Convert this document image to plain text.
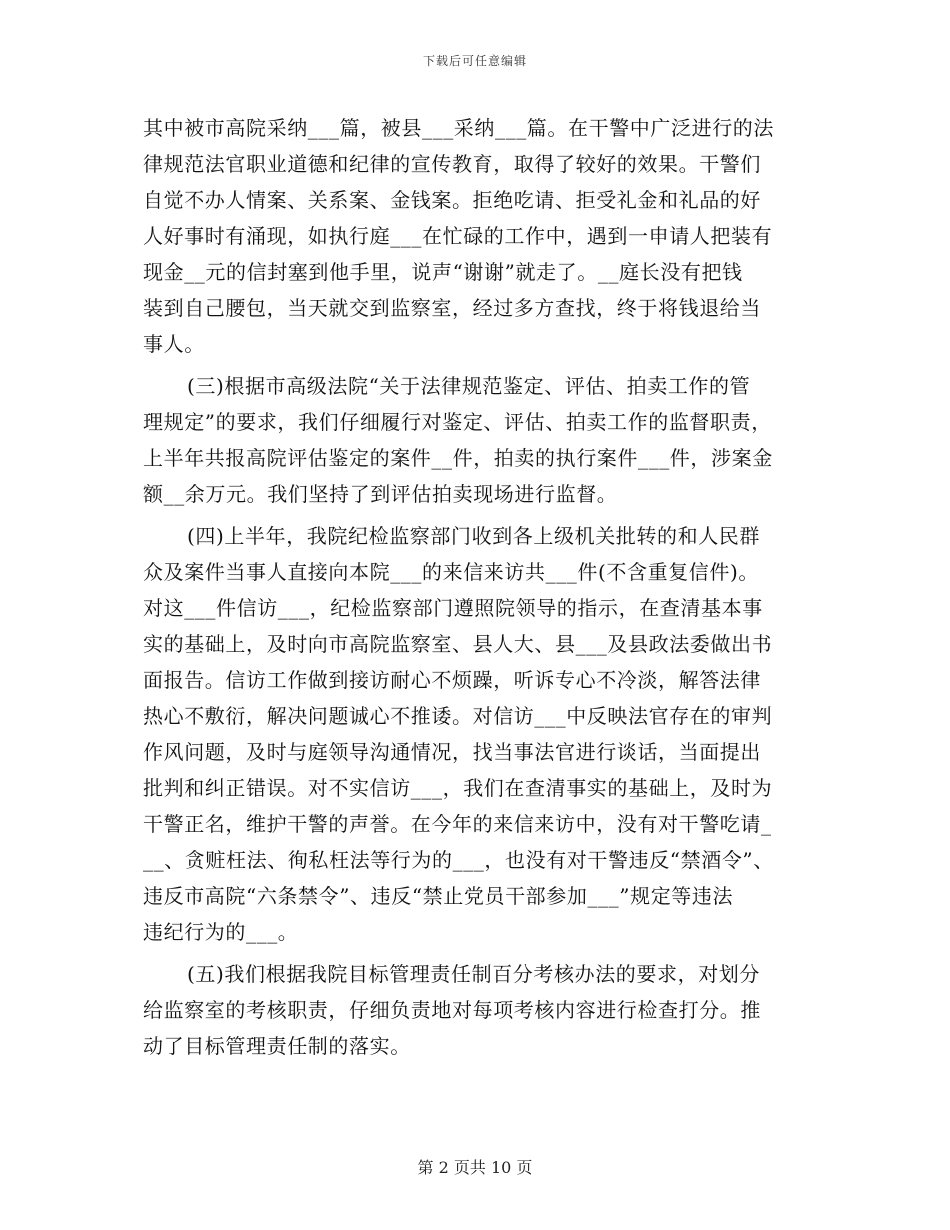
下载后可任意编辑
其中被市高院采纳___篇，被县___采纳___篇。在干警中广泛进行的法
律规范法官职业道德和纪律的宣传教育，取得了较好的效果。干警们
自觉不办人情案、关系案、金钱案。拒绝吃请、拒受礼金和礼品的好
人好事时有涌现，如执行庭___在忙碌的工作中，遇到一申请人把装有
现金__元的信封塞到他手里，说声“谢谢”就走了。__庭长没有把钱
装到自己腰包，当天就交到监察室，经过多方查找，终于将钱退给当
事人。
(三)根据市高级法院“关于法律规范鉴定、评估、拍卖工作的管
理规定”的要求，我们仔细履行对鉴定、评估、拍卖工作的监督职责，
上半年共报高院评估鉴定的案件__件，拍卖的执行案件___件，涉案金
额__余万元。我们坚持了到评估拍卖现场进行监督。
(四)上半年，我院纪检监察部门收到各上级机关批转的和人民群
众及案件当事人直接向本院___的来信来访共___件(不含重复信件)。
对这___件信访___，纪检监察部门遵照院领导的指示，在查清基本事
实的基础上，及时向市高院监察室、县人大、县___及县政法委做出书
面报告。信访工作做到接访耐心不烦躁，听诉专心不冷淡，解答法律
热心不敷衍，解决问题诚心不推诿。对信访___中反映法官存在的审判
作风问题，及时与庭领导沟通情况，找当事法官进行谈话，当面提出
批判和纠正错误。对不实信访___，我们在查清事实的基础上，及时为
干警正名，维护干警的声誉。在今年的来信来访中，没有对干警吃请_
__、贪赃枉法、徇私枉法等行为的___，也没有对干警违反“禁酒令”、
违反市高院“六条禁令”、违反“禁止党员干部参加___”规定等违法
违纪行为的___。
(五)我们根据我院目标管理责任制百分考核办法的要求，对划分
给监察室的考核职责，仔细负责地对每项考核内容进行检查打分。推
动了目标管理责任制的落实。
第 2 页共 10 页
